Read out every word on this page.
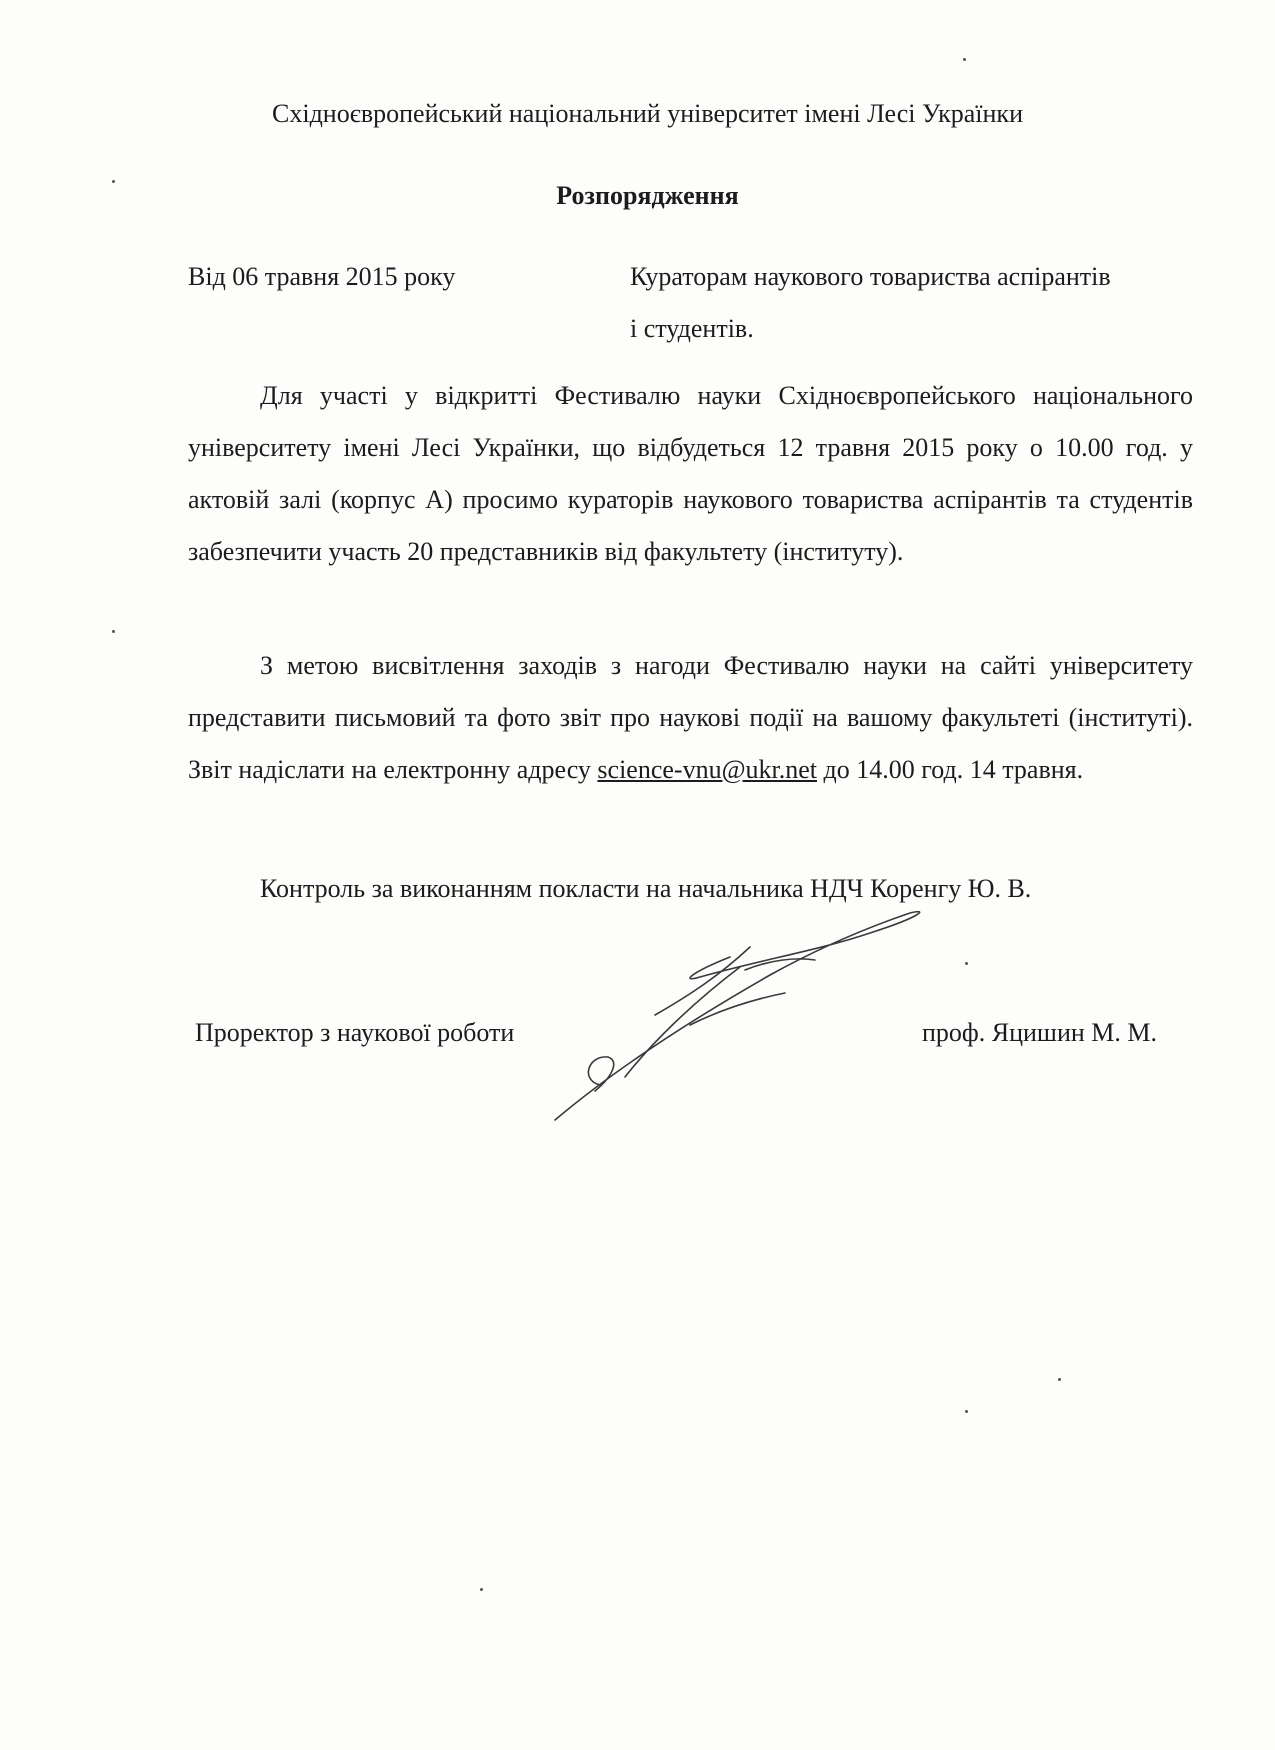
Східноєвропейський національний університет імені Лесі Українки
Розпорядження
Від 06 травня 2015 року	Кураторам наукового товариства аспірантів
і студентів.
Для участі у відкритті Фестивалю науки Східноєвропейського національного університету імені Лесі Українки, що відбудеться 12 травня 2015 року о 10.00 год. у актовій залі (корпус А) просимо кураторів наукового товариства аспірантів та студентів забезпечити участь 20 представників від факультету (інституту).
З метою висвітлення заходів з нагоди Фестивалю науки на сайті університету представити письмовий та фото звіт про наукові події на вашому факультеті (інституті). Звіт надіслати на електронну адресу science-vnu@ukr.net до 14.00 год. 14 травня.
Контроль за виконанням покласти на начальника НДЧ Коренгу Ю. В.
Проректор з наукової роботи	проф. Яцишин М. М.
